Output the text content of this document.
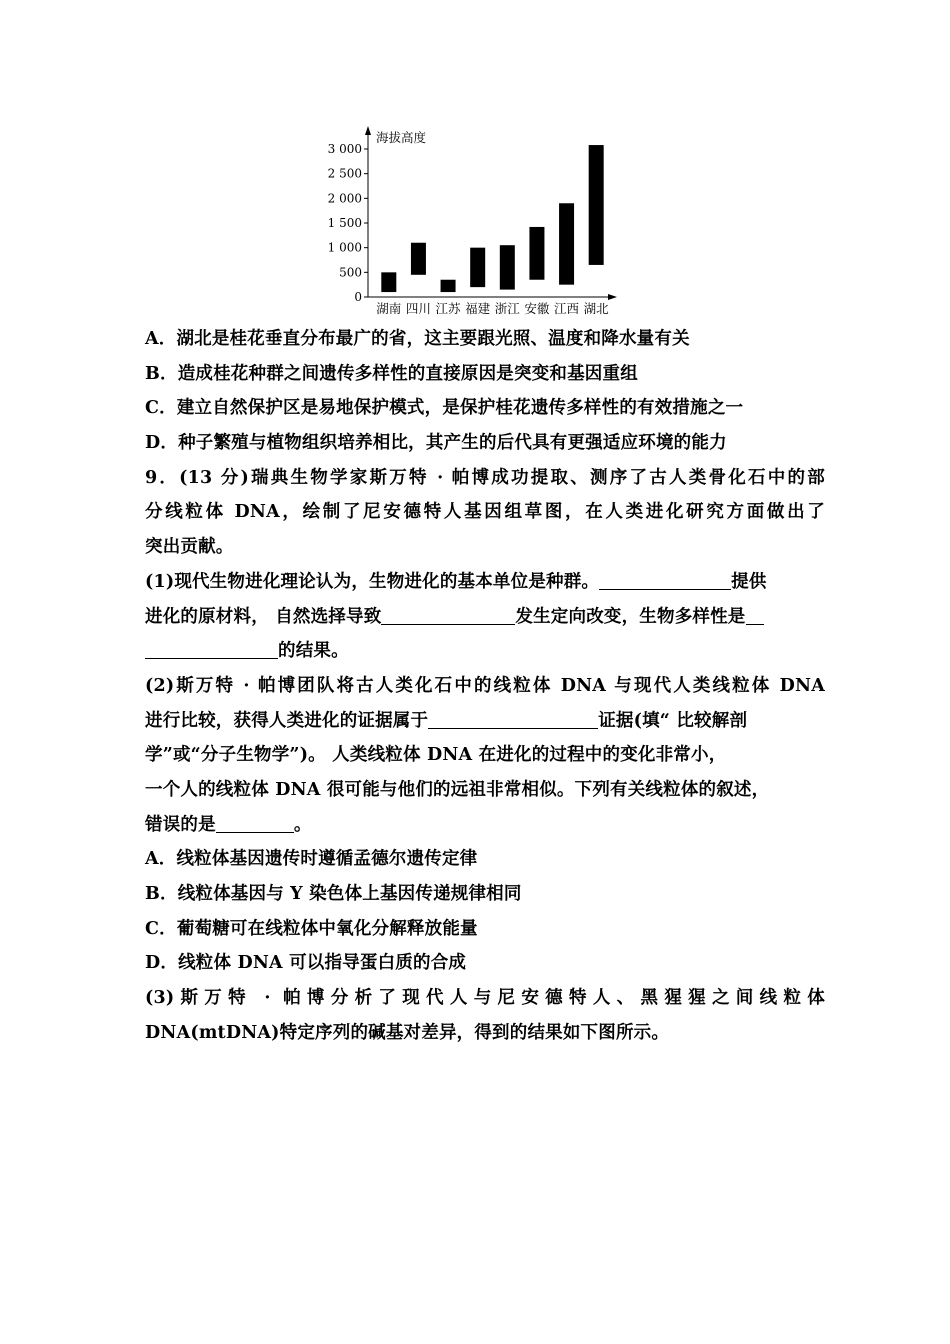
0
500
1 000
1 500
2 000
2 500
3 000
湖南 四川 江苏 福建 浙江 安徽 江西 湖北
海拔高度
A．湖北是桂花垂直分布最广的省，这主要跟光照、温度和降水量有关
B．造成桂花种群之间遗传多样性的直接原因是突变和基因重组
C．建立自然保护区是易地保护模式，是保护桂花遗传多样性的有效措施之一
D．种子繁殖与植物组织培养相比，其产生的后代具有更强适应环境的能力
9．(13 分)瑞典生物学家斯万特 · 帕博成功提取、测序了古人类骨化石中的部
分线粒体 DNA，绘制了尼安德特人基因组草图，在人类进化研究方面做出了
突出贡献。
(1)现代生物进化理论认为，生物进化的基本单位是种群。	提供
进化的原材料， 自然选择导致	发生定向改变，生物多样性是
的结果。
(2)斯万特 · 帕博团队将古人类化石中的线粒体 DNA 与现代人类线粒体 DNA
进行比较，获得人类进化的证据属于	证据(填“ 比较解剖
学”或“分子生物学”)。 人类线粒体 DNA 在进化的过程中的变化非常小，
一个人的线粒体 DNA 很可能与他们的远祖非常相似。下列有关线粒体的叙述，
错误的是	。
A．线粒体基因遗传时遵循孟德尔遗传定律
B．线粒体基因与 Y 染色体上基因传递规律相同
C．葡萄糖可在线粒体中氧化分解释放能量
D．线粒体 DNA 可以指导蛋白质的合成
(3)斯万特 · 帕博分析了现代人与尼安德特人、黑猩猩之间线粒体
DNA(mtDNA)特定序列的碱基对差异，得到的结果如下图所示。
